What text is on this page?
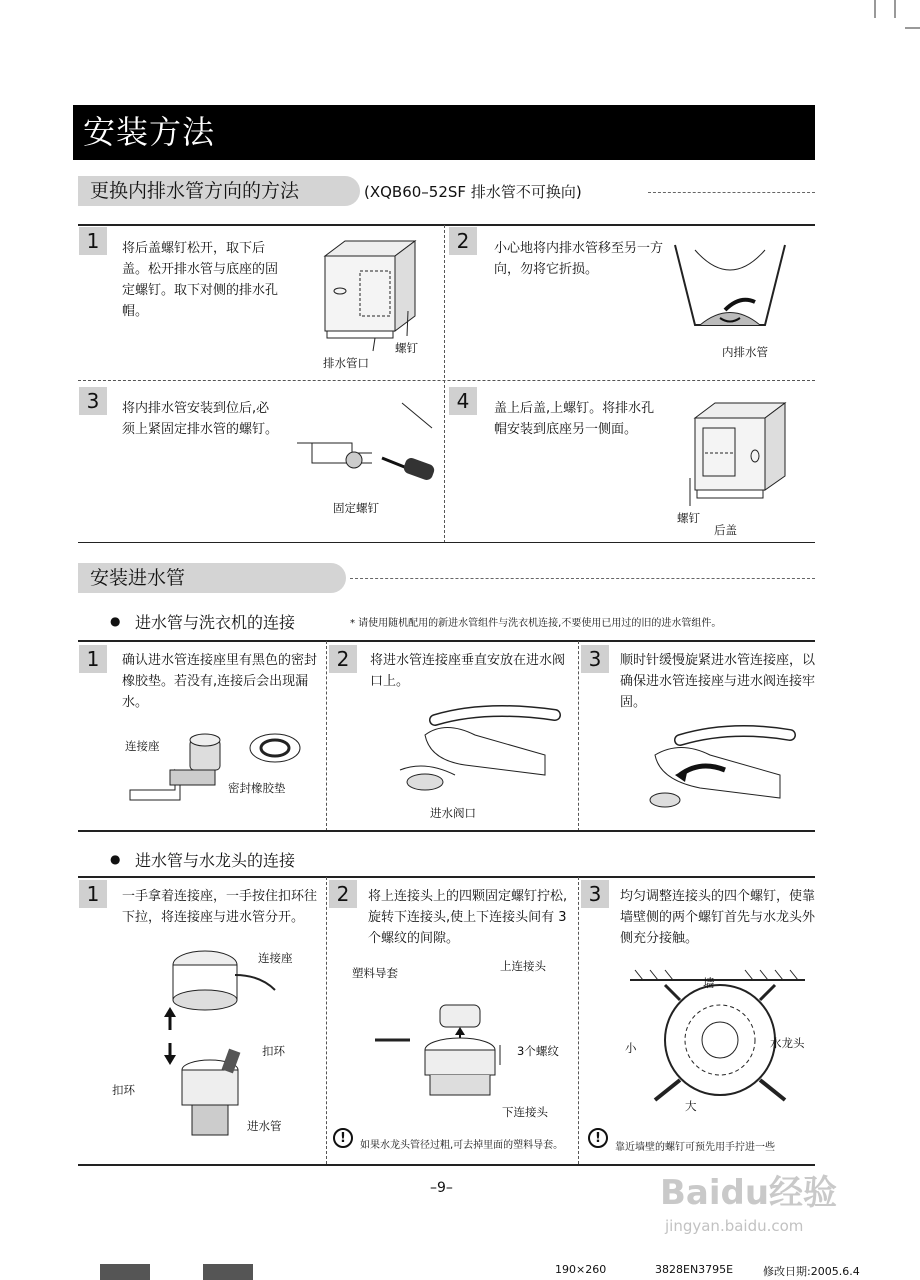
安装方法
更换内排水管方向的方法	(XQB60–52SF 排水管不可换向)
1	将后盖螺钉松开，取下后盖。松开排水管与底座的固定螺钉。取下对侧的排水孔帽。
排水管口
螺钉
2	小心地将内排水管移至另一方向，勿将它折损。
内排水管
3	将内排水管安装到位后,必须上紧固定排水管的螺钉。
固定螺钉
4	盖上后盖,上螺钉。将排水孔帽安装到底座另一侧面。
螺钉
后盖
安装进水管
● 进水管与洗衣机的连接	* 请使用随机配用的新进水管组件与洗衣机连接,不要使用已用过的旧的进水管组件。
1	确认进水管连接座里有黑色的密封橡胶垫。若没有,连接后会出现漏水。
连接座
密封橡胶垫
2	将进水管连接座垂直安放在进水阀口上。
进水阀口
3	顺时针缓慢旋紧进水管连接座，以确保进水管连接座与进水阀连接牢固。
● 进水管与水龙头的连接
1	一手拿着连接座，一手按住扣环往下拉，将连接座与进水管分开。
连接座
扣环
扣环
进水管
2	将上连接头上的四颗固定螺钉拧松,旋转下连接头,使上下连接头间有 3 个螺纹的间隙。
塑料导套	上连接头
3个螺纹
下连接头
!	如果水龙头管径过粗,可去掉里面的塑料导套。
3	均匀调整连接头的四个螺钉，使靠墙壁侧的两个螺钉首先与水龙头外侧充分接触。
墙
小	水龙头
大
!
靠近墙壁的螺钉可预先用手拧进一些
–9–	Baidu经验
jingyan.baidu.com
190×260	3828EN3795E	修改日期:2005.6.4
